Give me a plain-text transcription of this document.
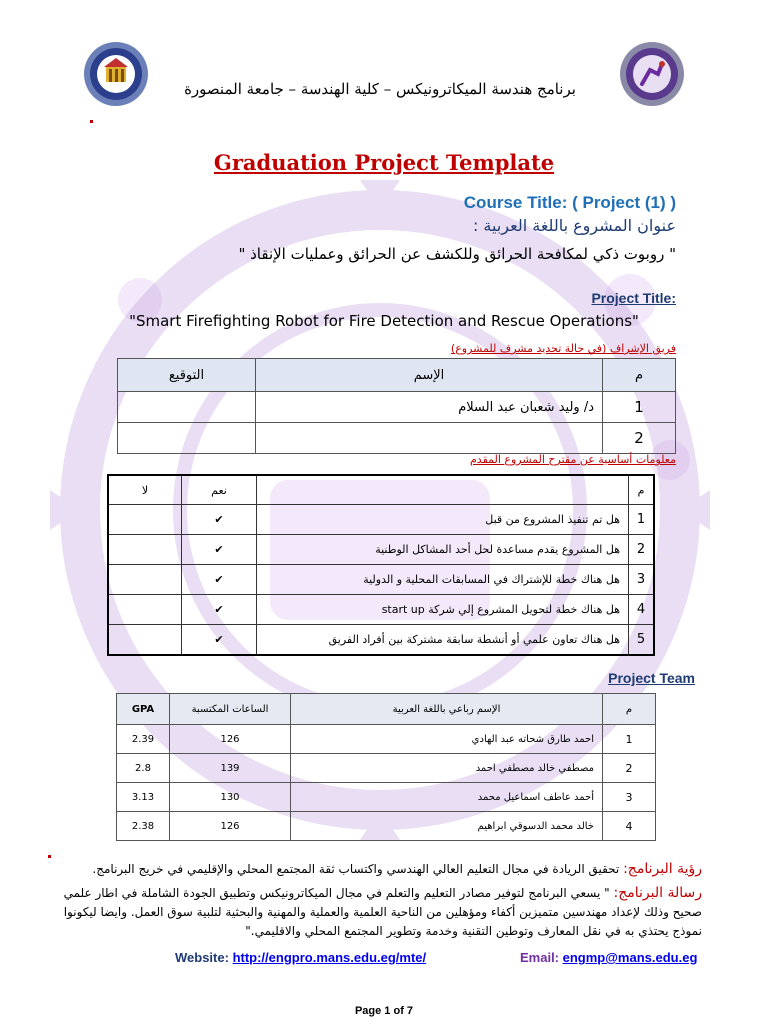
برنامج هندسة الميكاترونيكس – كلية الهندسة – جامعة المنصورة
Graduation Project Template
Course Title: ( Project (1) )
عنوان المشروع باللغة العربية :
" روبوت ذكي لمكافحة الحرائق وللكشف عن الحرائق وعمليات الإنقاذ "
Project Title:
"Smart Firefighting Robot for Fire Detection and Rescue Operations"
فريق الإشراف (في حالة تحديد مشرف للمشروع)
التوقيع	الإسم	م
	د/ وليد شعبان عبد السلام	1
		2
معلومات أساسية عن مقترح المشروع المقدم
لا	نعم		م
	✔	هل تم تنفيذ المشروع من قبل	1
	✔	هل المشروع يقدم مساعدة لحل أحد المشاكل الوطنية	2
	✔	هل هناك خطة للإشتراك في المسابقات المحلية و الدولية	3
	✔	هل هناك خطة لتحويل المشروع إلي شركة start up	4
	✔	هل هناك تعاون علمي أو أنشطة سابقة مشتركة بين أفراد الفريق	5
Project Team
GPA	الساعات المكتسبة	الإسم رباعي باللغة العربية	م
2.39	126	احمد طارق شحاته عبد الهادي	1
2.8	139	مصطفي خالد مصطفي احمد	2
3.13	130	أحمد عاطف اسماعيل محمد	3
2.38	126	خالد محمد الدسوقي ابراهيم	4
رؤية البرنامج: تحقيق الريادة في مجال التعليم العالي الهندسي واكتساب ثقة المجتمع المحلي والإقليمي في خريج البرنامج.
رسالة البرنامج: " يسعي البرنامج لتوفير مصادر التعليم والتعلم في مجال الميكاترونيكس وتطبيق الجودة الشاملة في اطار علمي صحيح وذلك لإعداد مهندسين متميزين أكفاء ومؤهلين من الناحية العلمية والعملية والمهنية والبحثية لتلبية سوق العمل. وايضا ليكونوا نموذج يحتذي به في نقل المعارف وتوطين التقنية وخدمة وتطوير المجتمع المحلي والاقليمي."
Website: http://engpro.mans.edu.eg/mte/	Email: engmp@mans.edu.eg
Page 1 of 7
